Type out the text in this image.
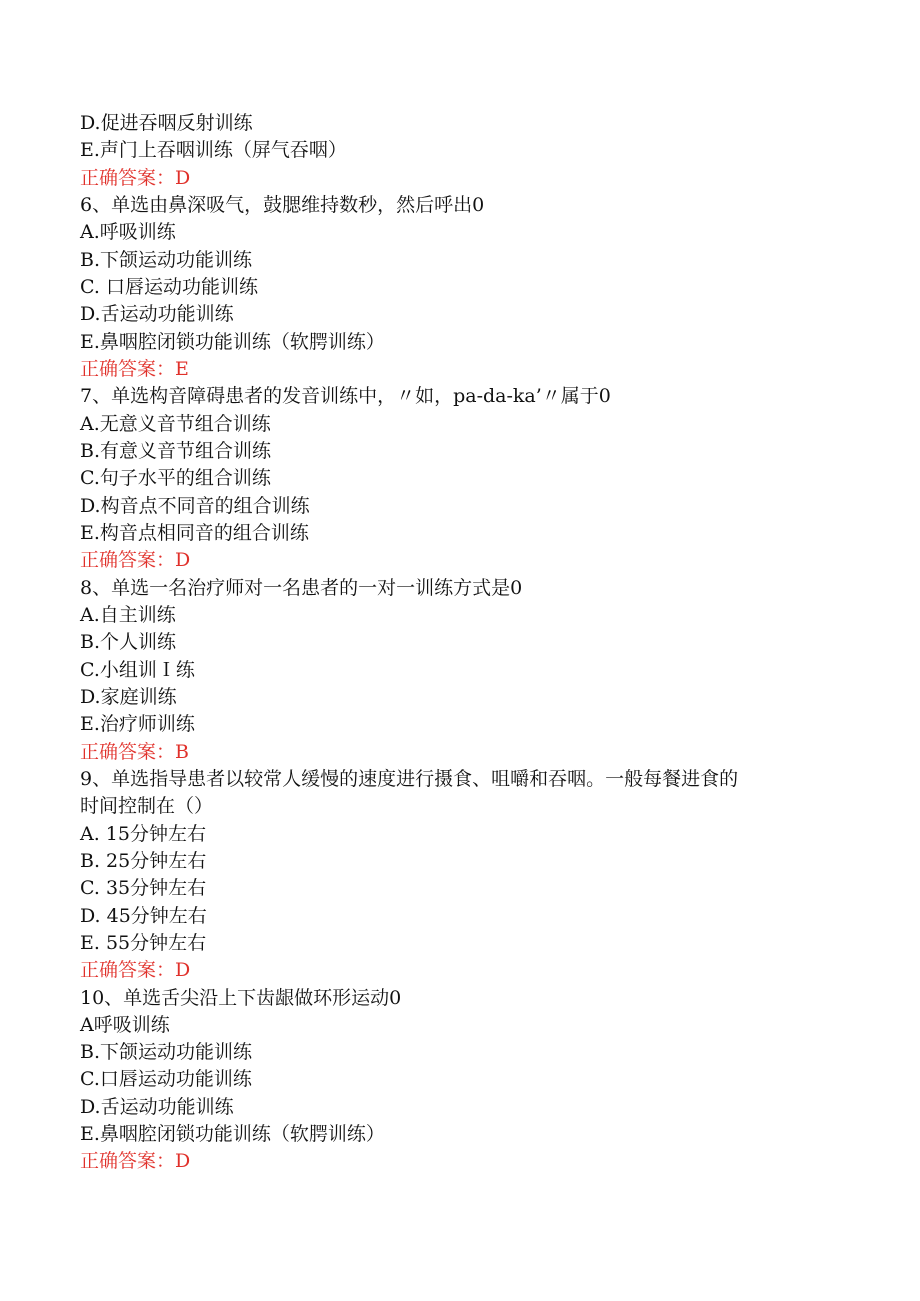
D.促进吞咽反射训练
E.声门上吞咽训练（屏气吞咽）
正确答案：D
6、单选由鼻深吸气，鼓腮维持数秒，然后呼出0
A.呼吸训练
B.下颌运动功能训练
C. 口唇运动功能训练
D.舌运动功能训练
E.鼻咽腔闭锁功能训练（软腭训练）
正确答案：E
7、单选构音障碍患者的发音训练中，〃如，pa-da-ka’〃属于0
A.无意义音节组合训练
B.有意义音节组合训练
C.句子水平的组合训练
D.构音点不同音的组合训练
E.构音点相同音的组合训练
正确答案：D
8、单选一名治疗师对一名患者的一对一训练方式是0
A.自主训练
B.个人训练
C.小组训Ｉ练
D.家庭训练
E.治疗师训练
正确答案：B
9、单选指导患者以较常人缓慢的速度进行摄食、咀嚼和吞咽。一般每餐进食的
时间控制在（）
A. 15分钟左右
B. 25分钟左右
C. 35分钟左右
D. 45分钟左右
E. 55分钟左右
正确答案：D
10、单选舌尖沿上下齿龈做环形运动0
A呼吸训练
B.下颌运动功能训练
C.口唇运动功能训练
D.舌运动功能训练
E.鼻咽腔闭锁功能训练（软腭训练）
正确答案：D
